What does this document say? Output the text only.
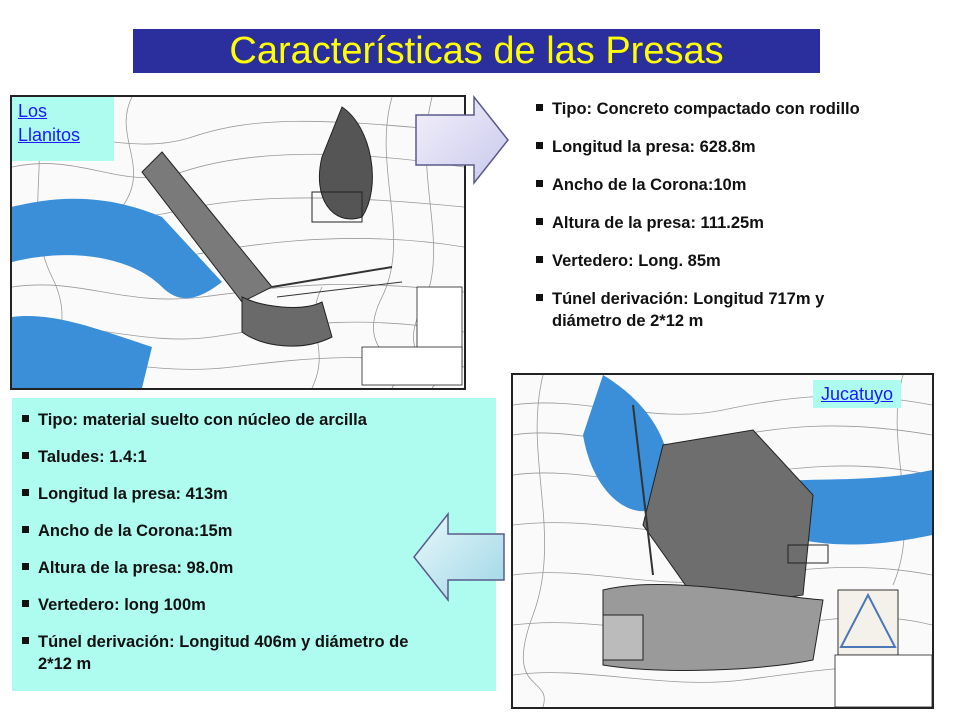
Características de las Presas
Los Llanitos
Tipo: Concreto compactado con rodillo
Longitud la presa: 628.8m
Ancho de la Corona:10m
Altura de la presa: 111.25m
Vertedero: Long. 85m
Túnel derivación: Longitud 717m y diámetro de 2*12 m
Tipo: material suelto con núcleo de arcilla
Taludes: 1.4:1
Longitud la presa: 413m
Ancho de la Corona:15m
Altura de la presa: 98.0m
Vertedero: long 100m
Túnel derivación: Longitud 406m y diámetro de 2*12 m
Jucatuyo
